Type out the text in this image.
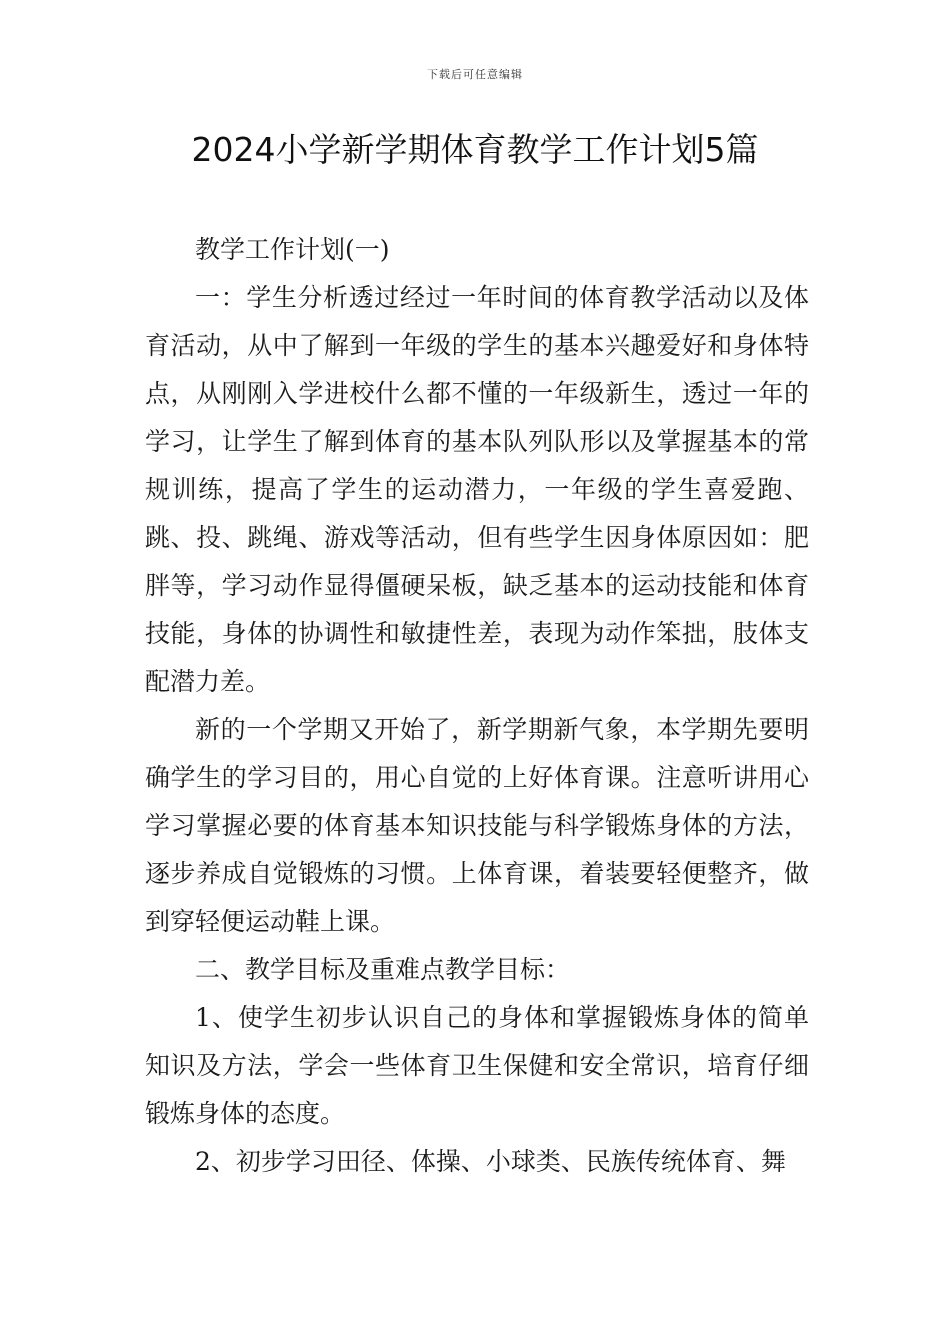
下载后可任意编辑
2024小学新学期体育教学工作计划5篇

教学工作计划(一)

一：学生分析透过经过一年时间的体育教学活动以及体育活动，从中了解到一年级的学生的基本兴趣爱好和身体特点，从刚刚入学进校什么都不懂的一年级新生，透过一年的学习，让学生了解到体育的基本队列队形以及掌握基本的常规训练，提高了学生的运动潜力，一年级的学生喜爱跑、跳、投、跳绳、游戏等活动，但有些学生因身体原因如：肥胖等，学习动作显得僵硬呆板，缺乏基本的运动技能和体育技能，身体的协调性和敏捷性差，表现为动作笨拙，肢体支配潜力差。

新的一个学期又开始了，新学期新气象，本学期先要明确学生的学习目的，用心自觉的上好体育课。注意听讲用心学习掌握必要的体育基本知识技能与科学锻炼身体的方法，逐步养成自觉锻炼的习惯。上体育课，着装要轻便整齐，做到穿轻便运动鞋上课。

二、教学目标及重难点教学目标：

1、使学生初步认识自己的身体和掌握锻炼身体的简单知识及方法，学会一些体育卫生保健和安全常识，培育仔细锻炼身体的态度。

2、初步学习田径、体操、小球类、民族传统体育、舞
